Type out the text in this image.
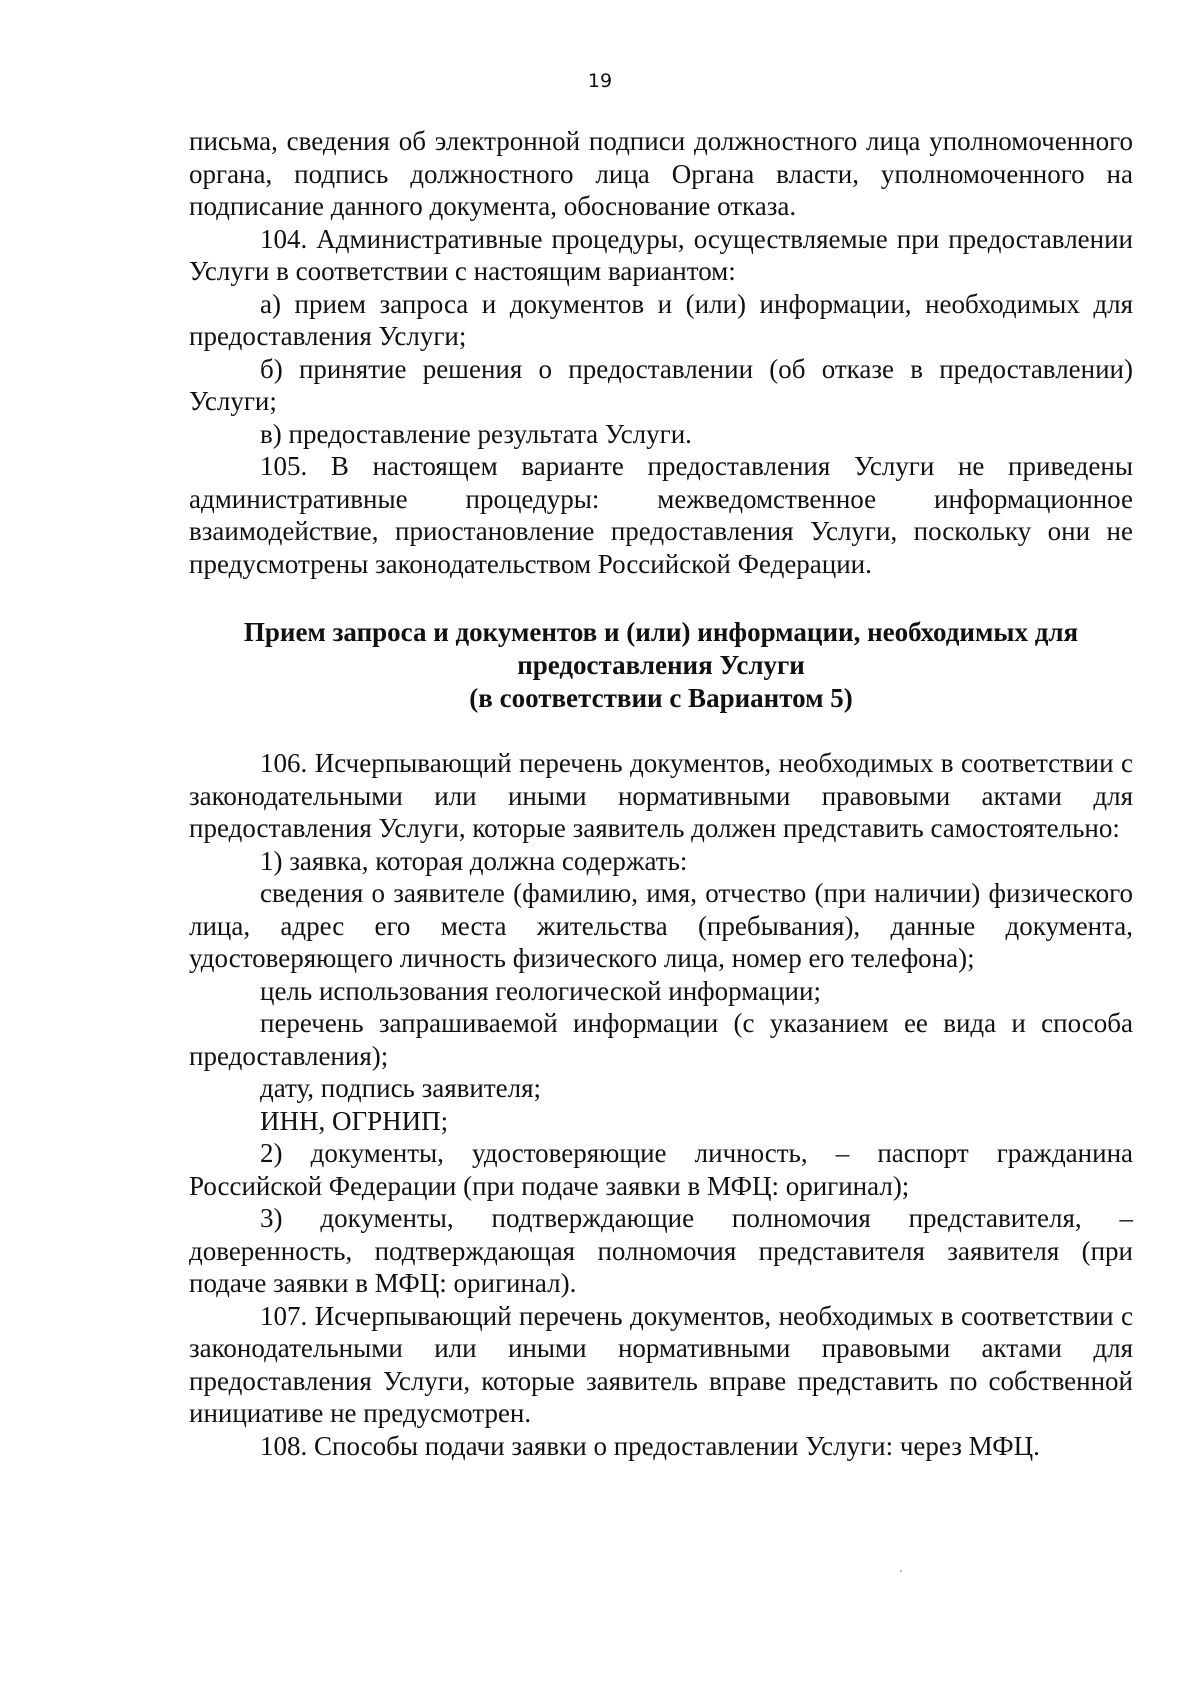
19

письма, сведения об электронной подписи должностного лица уполномоченного органа, подпись должностного лица Органа власти, уполномоченного на подписание данного документа, обоснование отказа.

104. Административные процедуры, осуществляемые при предоставлении Услуги в соответствии с настоящим вариантом:

а) прием запроса и документов и (или) информации, необходимых для предоставления Услуги;

б) принятие решения о предоставлении (об отказе в предоставлении) Услуги;

в) предоставление результата Услуги.

105. В настоящем варианте предоставления Услуги не приведены административные процедуры: межведомственное информационное взаимодействие, приостановление предоставления Услуги, поскольку они не предусмотрены законодательством Российской Федерации.

Прием запроса и документов и (или) информации, необходимых для
предоставления Услуги
(в соответствии с Вариантом 5)

106. Исчерпывающий перечень документов, необходимых в соответствии с законодательными или иными нормативными правовыми актами для предоставления Услуги, которые заявитель должен представить самостоятельно:

1) заявка, которая должна содержать:

сведения о заявителе (фамилию, имя, отчество (при наличии) физического лица, адрес его места жительства (пребывания), данные документа, удостоверяющего личность физического лица, номер его телефона);

цель использования геологической информации;

перечень запрашиваемой информации (с указанием ее вида и способа предоставления);

дату, подпись заявителя;

ИНН, ОГРНИП;

2) документы, удостоверяющие личность, – паспорт гражданина Российской Федерации (при подаче заявки в МФЦ: оригинал);

3) документы, подтверждающие полномочия представителя, – доверенность, подтверждающая полномочия представителя заявителя (при подаче заявки в МФЦ: оригинал).

107. Исчерпывающий перечень документов, необходимых в соответствии с законодательными или иными нормативными правовыми актами для предоставления Услуги, которые заявитель вправе представить по собственной инициативе не предусмотрен.

108. Способы подачи заявки о предоставлении Услуги: через МФЦ.
